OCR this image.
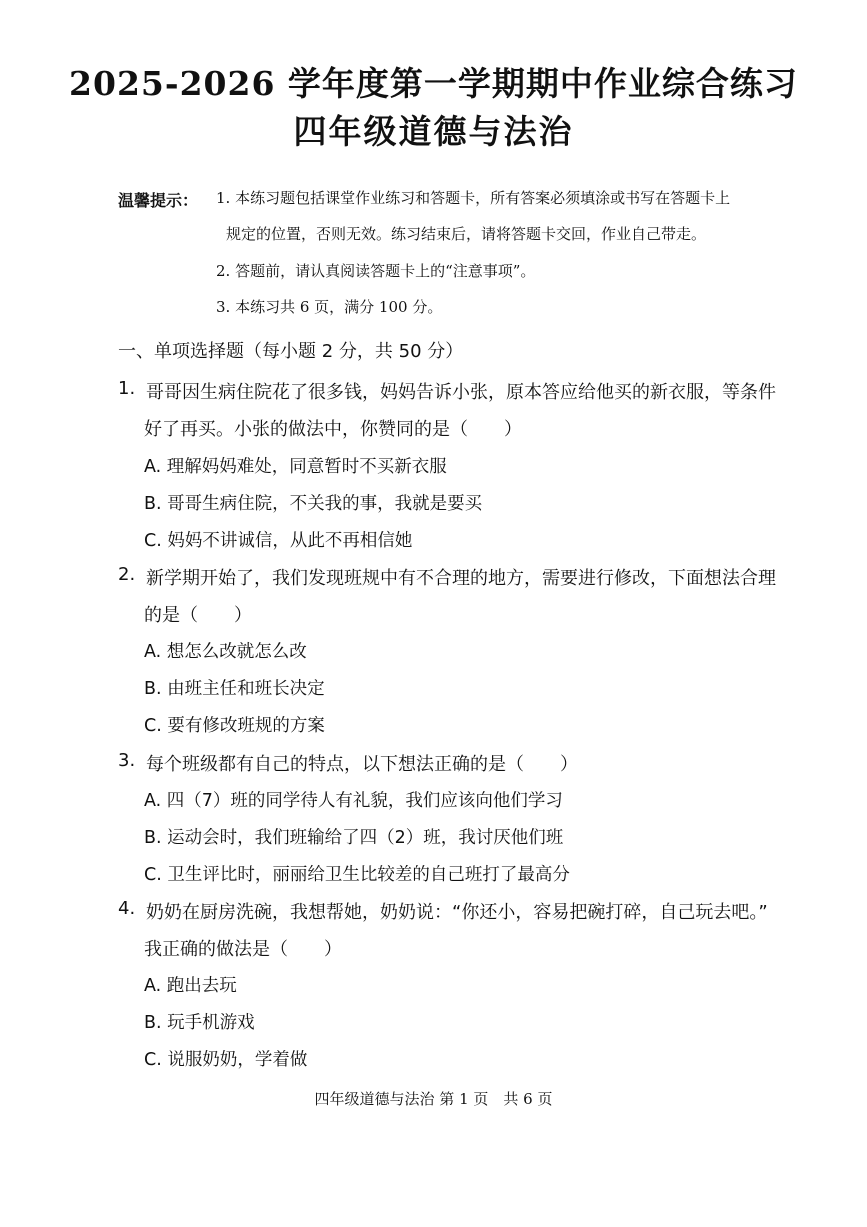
2025-2026 学年度第一学期期中作业综合练习
四年级道德与法治
温馨提示： 1. 本练习题包括课堂作业练习和答题卡，所有答案必须填涂或书写在答题卡上
规定的位置，否则无效。练习结束后，请将答题卡交回，作业自己带走。
2. 答题前，请认真阅读答题卡上的“注意事项”。
3. 本练习共 6 页，满分 100 分。
一、单项选择题（每小题 2 分，共 50 分）
1. 哥哥因生病住院花了很多钱，妈妈告诉小张，原本答应给他买的新衣服，等条件
好了再买。小张的做法中，你赞同的是（　　）
A. 理解妈妈难处，同意暂时不买新衣服
B. 哥哥生病住院，不关我的事，我就是要买
C. 妈妈不讲诚信，从此不再相信她
2. 新学期开始了，我们发现班规中有不合理的地方，需要进行修改，下面想法合理
的是（　　）
A. 想怎么改就怎么改
B. 由班主任和班长决定
C. 要有修改班规的方案
3. 每个班级都有自己的特点，以下想法正确的是（　　）
A. 四（7）班的同学待人有礼貌，我们应该向他们学习
B. 运动会时，我们班输给了四（2）班，我讨厌他们班
C. 卫生评比时，丽丽给卫生比较差的自己班打了最高分
4. 奶奶在厨房洗碗，我想帮她，奶奶说：“你还小，容易把碗打碎，自己玩去吧。”
我正确的做法是（　　）
A. 跑出去玩
B. 玩手机游戏
C. 说服奶奶，学着做
四年级道德与法治 第 1 页　共 6 页
